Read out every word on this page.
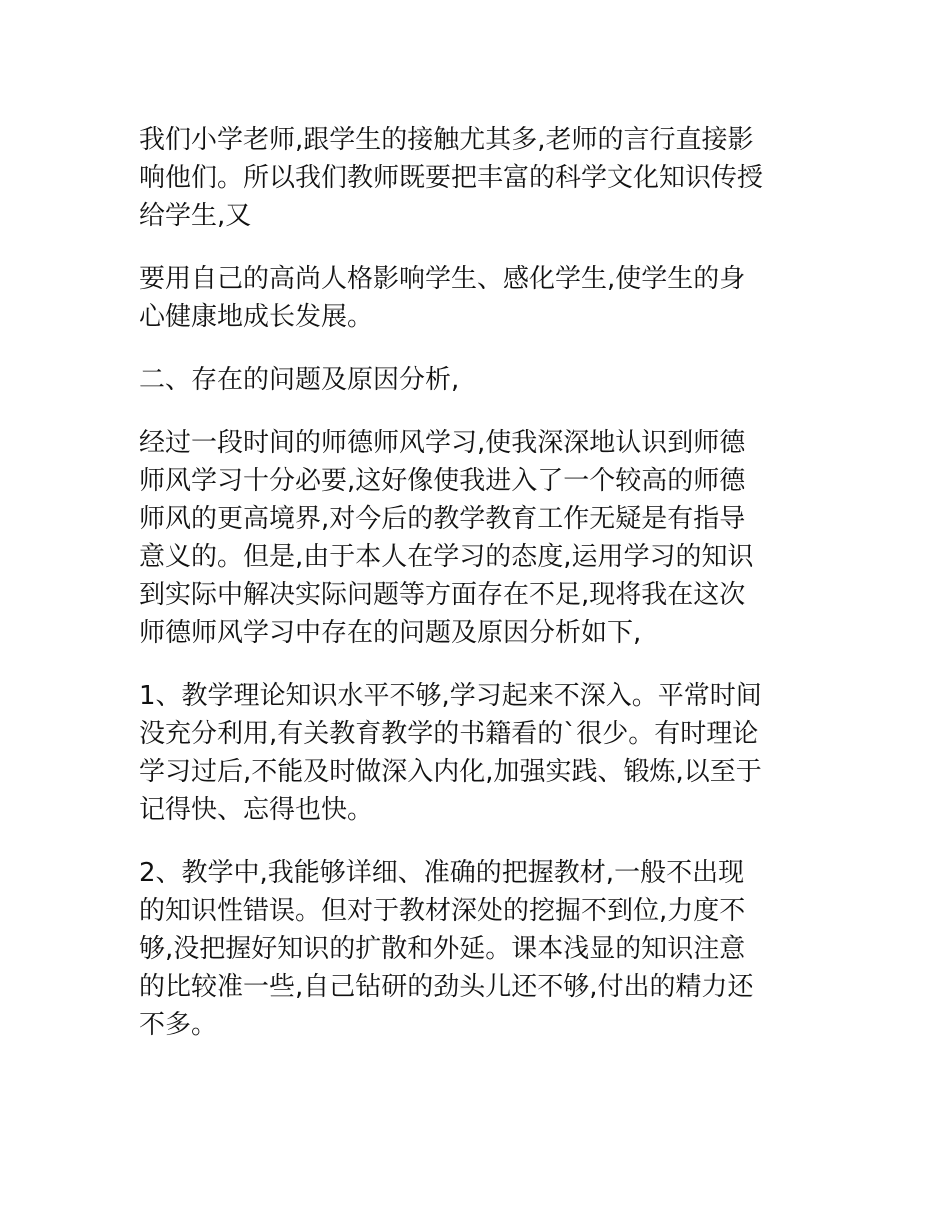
我们小学老师,跟学生的接触尤其多,老师的言行直接影
响他们。所以我们教师既要把丰富的科学文化知识传授
给学生,又

要用自己的高尚人格影响学生、感化学生,使学生的身
心健康地成长发展。

二、存在的问题及原因分析,

经过一段时间的师德师风学习,使我深深地认识到师德
师风学习十分必要,这好像使我进入了一个较高的师德
师风的更高境界,对今后的教学教育工作无疑是有指导
意义的。但是,由于本人在学习的态度,运用学习的知识
到实际中解决实际问题等方面存在不足,现将我在这次
师德师风学习中存在的问题及原因分析如下,

1、教学理论知识水平不够,学习起来不深入。平常时间
没充分利用,有关教育教学的书籍看的`很少。有时理论
学习过后,不能及时做深入内化,加强实践、锻炼,以至于
记得快、忘得也快。

2、教学中,我能够详细、准确的把握教材,一般不出现
的知识性错误。但对于教材深处的挖掘不到位,力度不
够,没把握好知识的扩散和外延。课本浅显的知识注意
的比较准一些,自己钻研的劲头儿还不够,付出的精力还
不多。
